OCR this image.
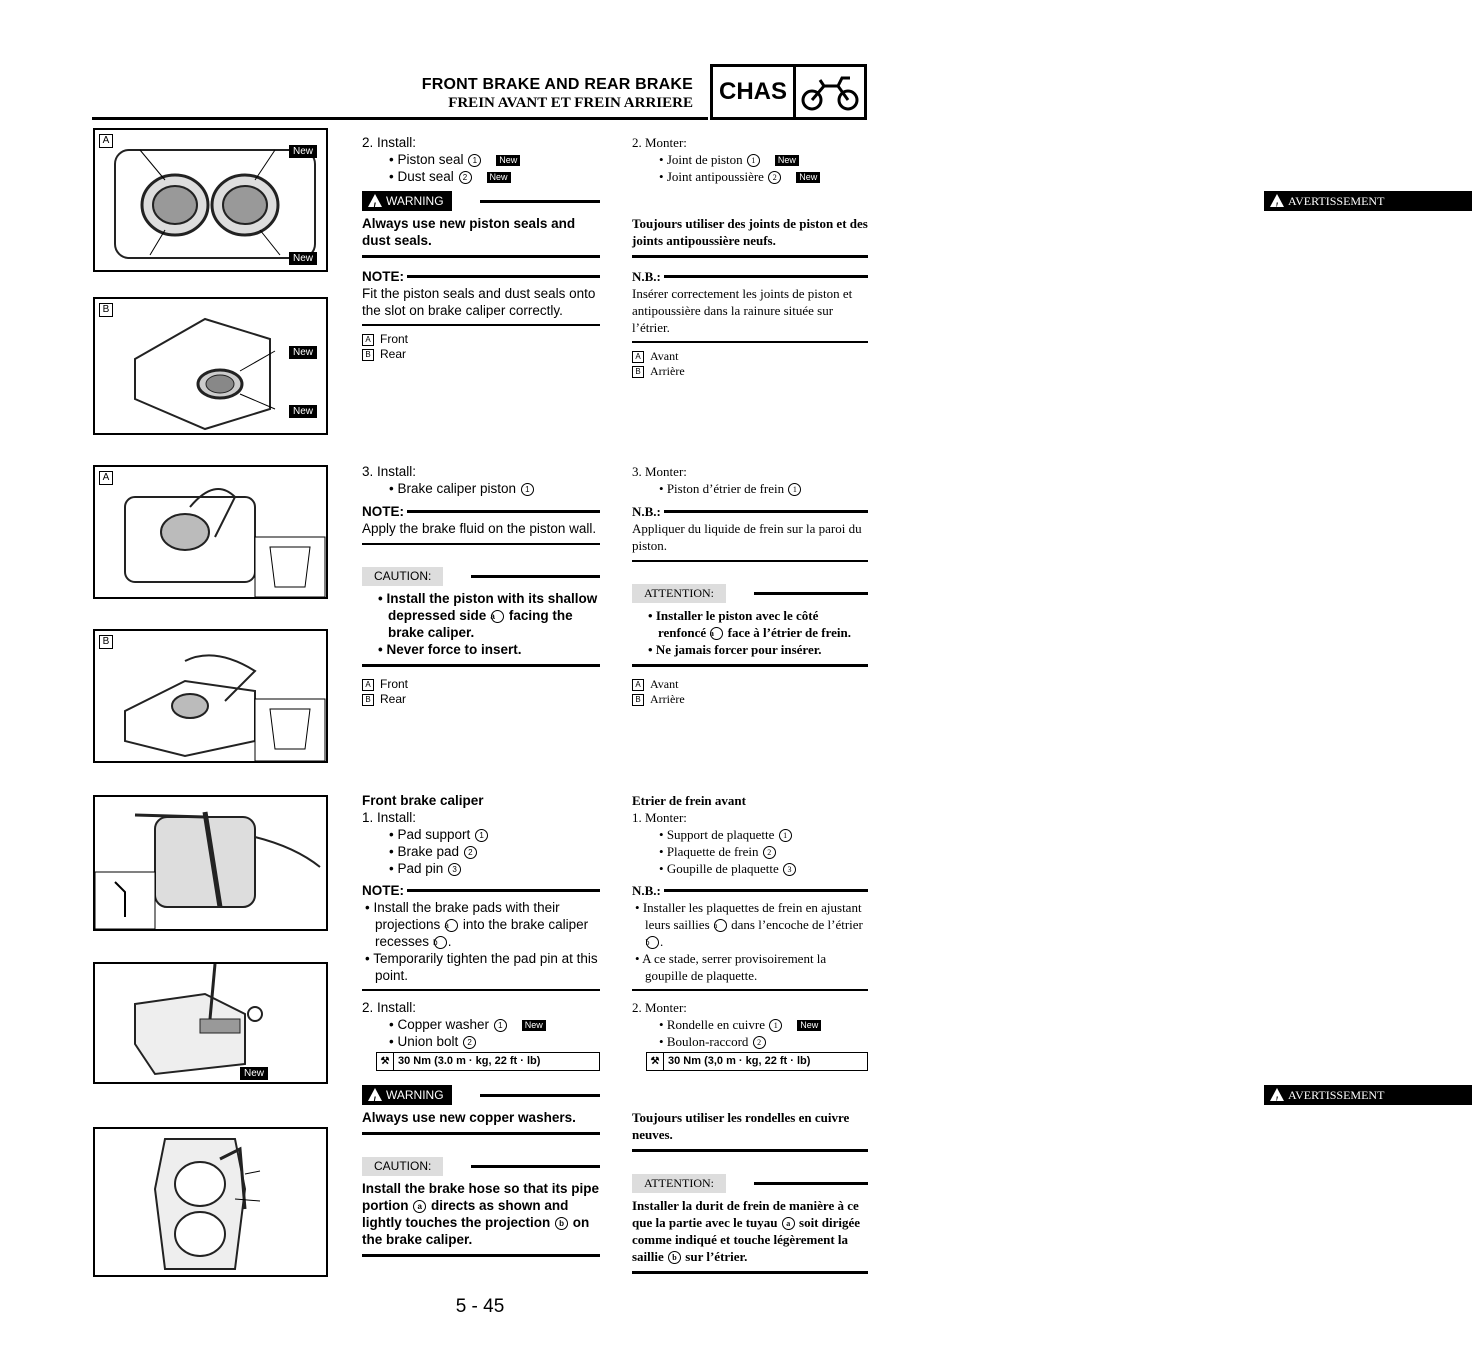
FRONT BRAKE AND REAR BRAKE
FREIN AVANT ET FREIN ARRIERE CHAS
A
New
New
B
New
New
A
B
New
2. Install:
• Piston seal 1 New
• Dust seal 2 New
!
WARNING
Always use new piston seals and dust seals.
NOTE:
Fit the piston seals and dust seals onto the slot on brake caliper correctly.
A Front
B Rear
3. Install:
• Brake caliper piston 1
NOTE:
Apply the brake fluid on the piston wall.
CAUTION:
• Install the piston with its shallow depressed side a facing the brake caliper.
• Never force to insert.
A Front
B Rear
Front brake caliper
1. Install:
• Pad support 1
• Brake pad 2
• Pad pin 3
NOTE:
• Install the brake pads with their projections a into the brake caliper recesses b .
• Temporarily tighten the pad pin at this point.
2. Install:
• Copper washer 1 New
• Union bolt 2
⚒ 30 Nm (3.0 m · kg, 22 ft · lb)
!
WARNING
Always use new copper washers.
CAUTION:
Install the brake hose so that its pipe portion a directs as shown and lightly touches the projection b on the brake caliper.
2. Monter:
• Joint de piston 1	New
• Joint antipoussière 2	New
!
AVERTISSEMENT
Toujours utiliser des joints de piston et des joints antipoussière neufs.
N.B.:
Insérer correctement les joints de piston et antipoussière dans la rainure située sur l’étrier.
A Avant
B Arrière
3. Monter:
• Piston d’étrier de frein 1
N.B.:
Appliquer du liquide de frein sur la paroi du piston.
ATTENTION:
• Installer le piston avec le côté renfoncé a face à l’étrier de frein.
• Ne jamais forcer pour insérer.
A Avant
B Arrière
Etrier de frein avant
1. Monter:
• Support de plaquette 1
• Plaquette de frein 2
• Goupille de plaquette 3
N.B.:
• Installer les plaquettes de frein en ajustant leurs saillies a dans l’encoche de l’étrier b .
• A ce stade, serrer provisoirement la goupille de plaquette.
2. Monter:
• Rondelle en cuivre 1	New
• Boulon-raccord 2
⚒ 30 Nm (3,0 m · kg, 22 ft · lb)
!
AVERTISSEMENT
Toujours utiliser les rondelles en cuivre neuves.
ATTENTION:
Installer la durit de frein de manière à ce que la partie avec le tuyau a soit dirigée comme indiqué et touche légèrement la saillie b sur l’étrier.
5 - 45
